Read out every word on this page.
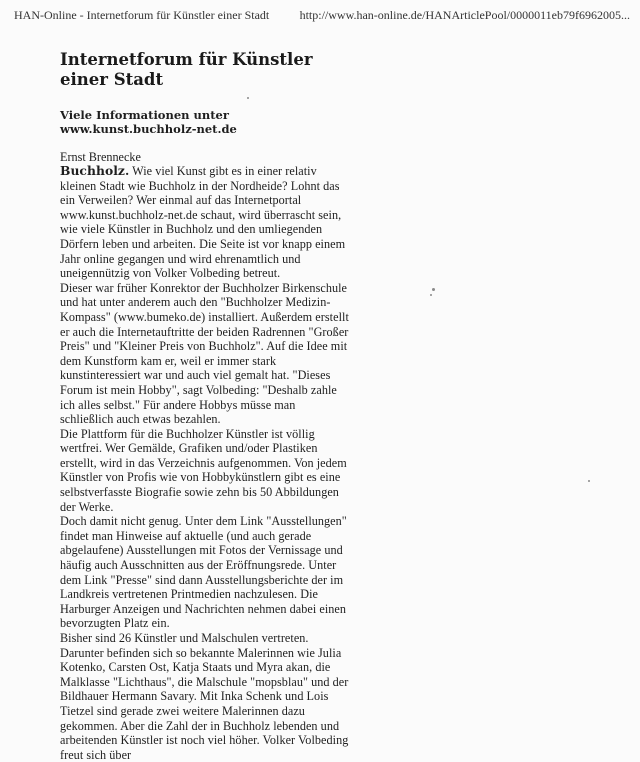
HAN-Online - Internetforum für Künstler einer Stadt	http://www.han-online.de/HANArticlePool/0000011eb79f6962005...
Internetforum für Künstler einer Stadt
Viele Informationen unter
www.kunst.buchholz-net.de
Ernst Brennecke

Buchholz. Wie viel Kunst gibt es in einer relativ kleinen Stadt wie Buchholz in der Nordheide? Lohnt das ein Verweilen? Wer einmal auf das Internetportal www.kunst.buchholz-net.de schaut, wird überrascht sein, wie viele Künstler in Buchholz und den umliegenden Dörfern leben und arbeiten. Die Seite ist vor knapp einem Jahr online gegangen und wird ehrenamtlich und uneigennützig von Volker Volbeding betreut.

Dieser war früher Konrektor der Buchholzer Birkenschule und hat unter anderem auch den "Buchholzer Medizin-Kompass" (www.bumeko.de) installiert. Außerdem erstellt er auch die Internetauftritte der beiden Radrennen "Großer Preis" und "Kleiner Preis von Buchholz". Auf die Idee mit dem Kunstform kam er, weil er immer stark kunstinteressiert war und auch viel gemalt hat. "Dieses Forum ist mein Hobby", sagt Volbeding: "Deshalb zahle ich alles selbst." Für andere Hobbys müsse man schließlich auch etwas bezahlen.

Die Plattform für die Buchholzer Künstler ist völlig wertfrei. Wer Gemälde, Grafiken und/oder Plastiken erstellt, wird in das Verzeichnis aufgenommen. Von jedem Künstler von Profis wie von Hobbykünstlern gibt es eine selbstverfasste Biografie sowie zehn bis 50 Abbildungen der Werke.

Doch damit nicht genug. Unter dem Link "Ausstellungen" findet man Hinweise auf aktuelle (und auch gerade abgelaufene) Ausstellungen mit Fotos der Vernissage und häufig auch Ausschnitten aus der Eröffnungsrede. Unter dem Link "Presse" sind dann Ausstellungsberichte der im Landkreis vertretenen Printmedien nachzulesen. Die Harburger Anzeigen und Nachrichten nehmen dabei einen bevorzugten Platz ein.

Bisher sind 26 Künstler und Malschulen vertreten. Darunter befinden sich so bekannte Malerinnen wie Julia Kotenko, Carsten Ost, Katja Staats und Myra akan, die Malklasse "Lichthaus", die Malschule "mopsblau" und der Bildhauer Hermann Savary. Mit Inka Schenk und Lois Tietzel sind gerade zwei weitere Malerinnen dazu gekommen. Aber die Zahl der in Buchholz lebenden und arbeitenden Künstler ist noch viel höher. Volker Volbeding freut sich über
